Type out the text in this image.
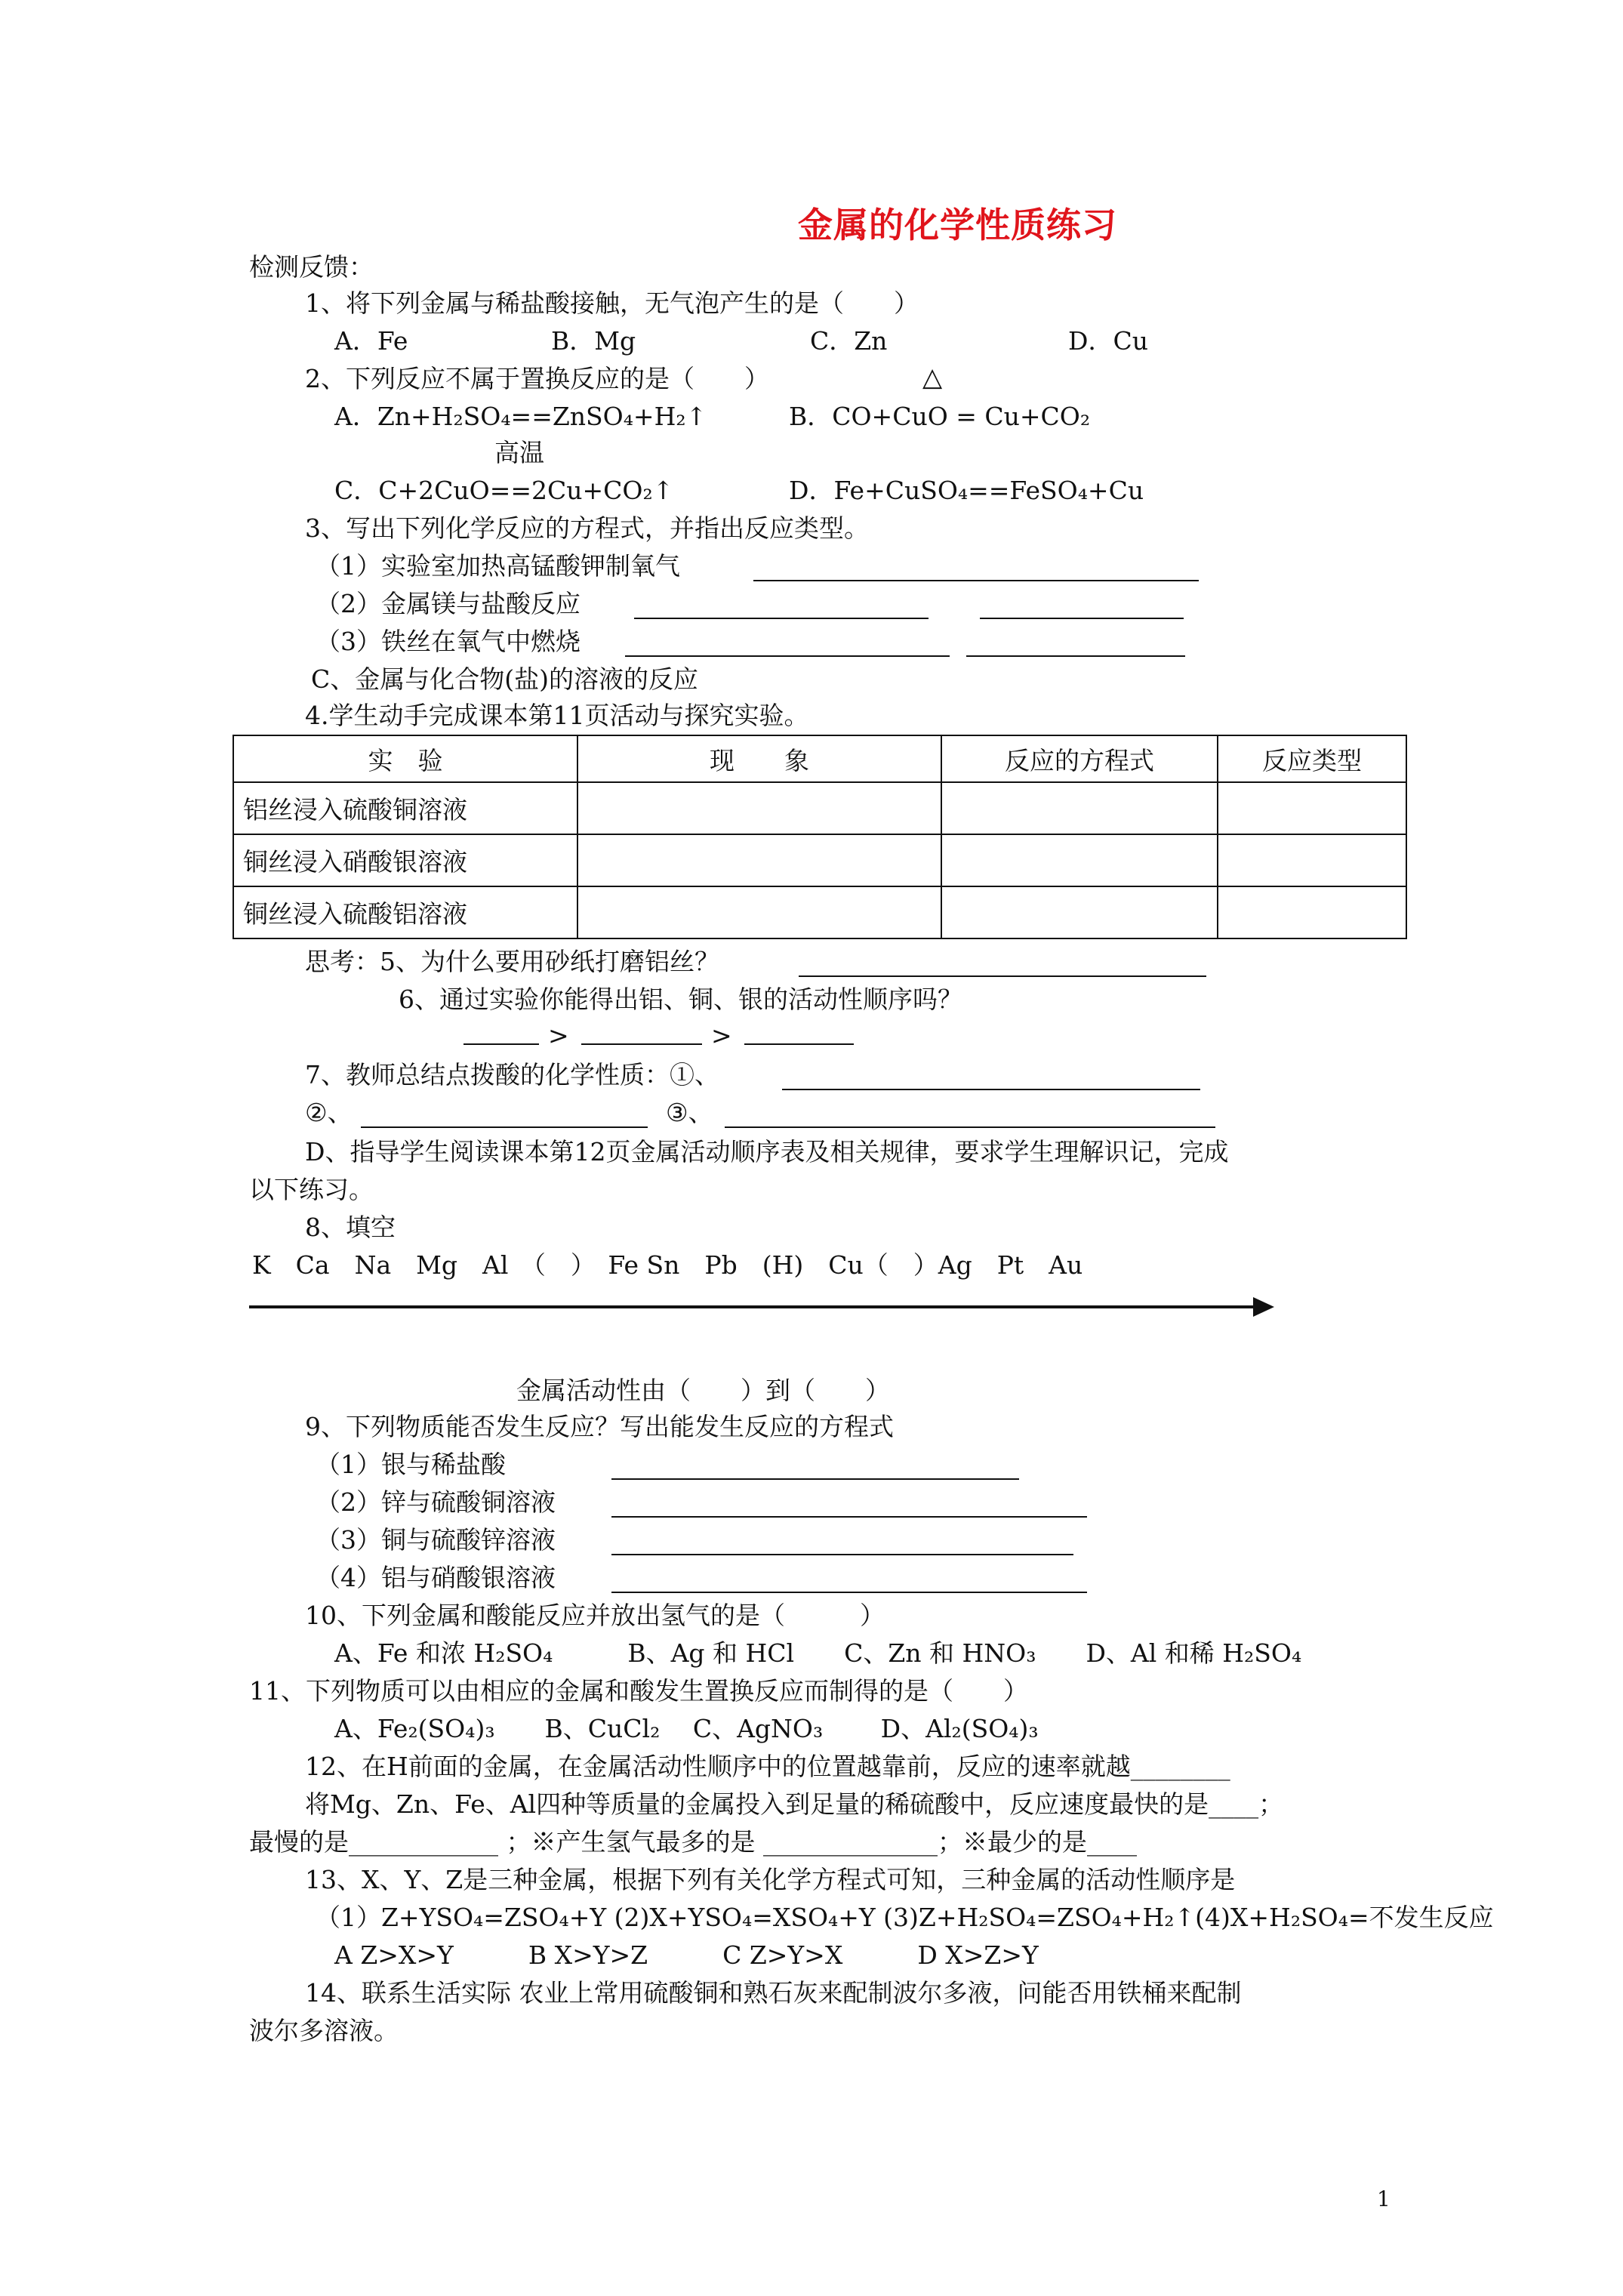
金属的化学性质练习
检测反馈：
1、将下列金属与稀盐酸接触，无气泡产生的是（　　）
A．Fe	B．Mg	C．Zn	D．Cu
2、下列反应不属于置换反应的是（　　）	△
A．Zn+H₂SO₄==ZnSO₄+H₂↑	B．CO+CuO = Cu+CO₂
高温
C．C+2CuO==2Cu+CO₂↑	D．Fe+CuSO₄==FeSO₄+Cu
3、写出下列化学反应的方程式，并指出反应类型。
（1）实验室加热高锰酸钾制氧气
（2）金属镁与盐酸反应
（3）铁丝在氧气中燃烧
C、金属与化合物(盐)的溶液的反应
4.学生动手完成课本第11页活动与探究实验。
实　验	现　　象	反应的方程式	反应类型
铝丝浸入硫酸铜溶液			
铜丝浸入硝酸银溶液			
铜丝浸入硫酸铝溶液			
思考：5、为什么要用砂纸打磨铝丝？
6、通过实验你能得出铝、铜、银的活动性顺序吗？
>	>
7、教师总结点拨酸的化学性质：①、
②、	③、
D、指导学生阅读课本第12页金属活动顺序表及相关规律，要求学生理解识记，完成
以下练习。
8、填空
K　Ca　Na　Mg　Al　（　）　Fe Sn　Pb　(H)　Cu（　）Ag　Pt　Au
金属活动性由（　　）到（　　）
9、下列物质能否发生反应？写出能发生反应的方程式
（1）银与稀盐酸
（2）锌与硫酸铜溶液
（3）铜与硫酸锌溶液
（4）铝与硝酸银溶液
10、下列金属和酸能反应并放出氢气的是（　　　）
A、Fe 和浓 H₂SO₄　　　B、Ag 和 HCl　　C、Zn 和 HNO₃　　D、Al 和稀 H₂SO₄
11、下列物质可以由相应的金属和酸发生置换反应而制得的是（　　）
A、Fe₂(SO₄)₃　　B、CuCl₂　 C、AgNO₃　　 D、Al₂(SO₄)₃
12、在H前面的金属，在金属活动性顺序中的位置越靠前，反应的速率就越________
将Mg、Zn、Fe、Al四种等质量的金属投入到足量的稀硫酸中，反应速度最快的是____；
最慢的是____________ ；※产生氢气最多的是 ______________；※最少的是____
13、X、Y、Z是三种金属，根据下列有关化学方程式可知，三种金属的活动性顺序是
（1）Z+YSO₄=ZSO₄+Y (2)X+YSO₄=XSO₄+Y (3)Z+H₂SO₄=ZSO₄+H₂↑(4)X+H₂SO₄=不发生反应
A Z>X>Y　　　B X>Y>Z　　　C Z>Y>X　　　D X>Z>Y
14、联系生活实际 农业上常用硫酸铜和熟石灰来配制波尔多液，问能否用铁桶来配制
波尔多溶液。
1
